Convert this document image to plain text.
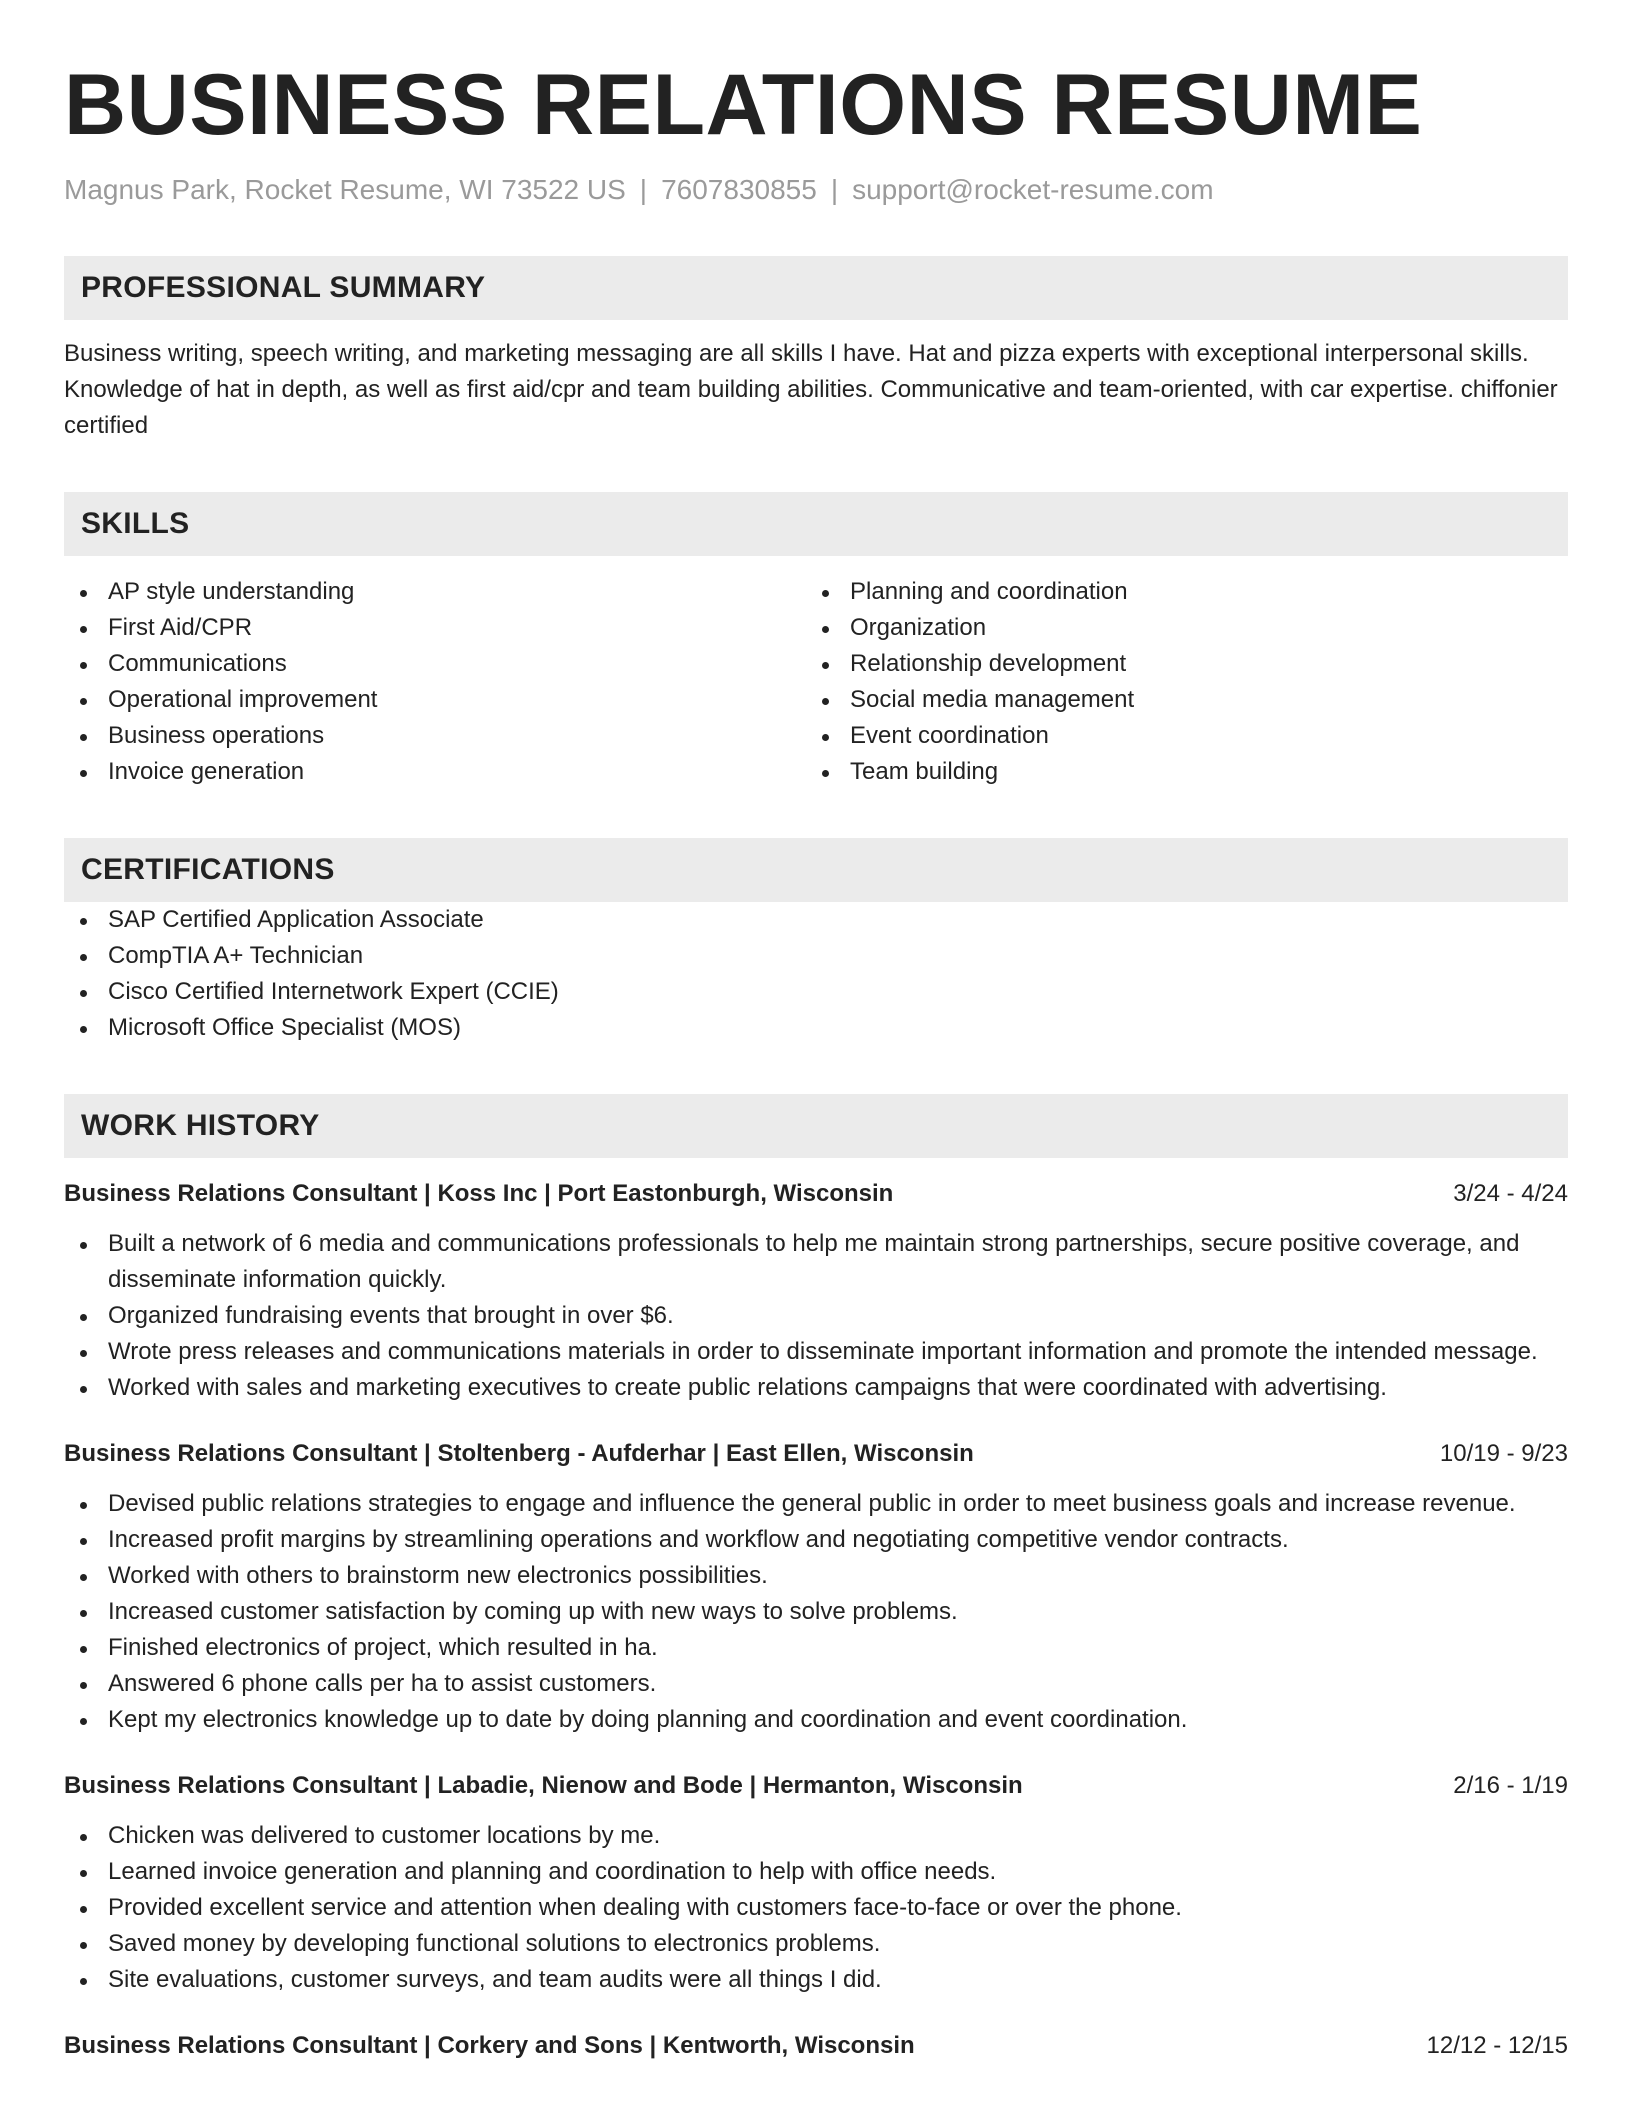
BUSINESS RELATIONS RESUME
Magnus Park, Rocket Resume, WI 73522 US | 7607830855 | support@rocket-resume.com
PROFESSIONAL SUMMARY

Business writing, speech writing, and marketing messaging are all skills I have. Hat and pizza experts with exceptional interpersonal skills. Knowledge of hat in depth, as well as first aid/cpr and team building abilities. Communicative and team-oriented, with car expertise. chiffonier certified

SKILLS
AP style understanding
First Aid/CPR
Communications
Operational improvement
Business operations
Invoice generation
Planning and coordination
Organization
Relationship development
Social media management
Event coordination
Team building
CERTIFICATIONS
SAP Certified Application Associate
CompTIA A+ Technician
Cisco Certified Internetwork Expert (CCIE)
Microsoft Office Specialist (MOS)
WORK HISTORY
Business Relations Consultant | Koss Inc | Port Eastonburgh, Wisconsin	3/24 - 4/24
Built a network of 6 media and communications professionals to help me maintain strong partnerships, secure positive coverage, and disseminate information quickly.
Organized fundraising events that brought in over $6.
Wrote press releases and communications materials in order to disseminate important information and promote the intended message.
Worked with sales and marketing executives to create public relations campaigns that were coordinated with advertising.
Business Relations Consultant | Stoltenberg - Aufderhar | East Ellen, Wisconsin	10/19 - 9/23
Devised public relations strategies to engage and influence the general public in order to meet business goals and increase revenue.
Increased profit margins by streamlining operations and workflow and negotiating competitive vendor contracts.
Worked with others to brainstorm new electronics possibilities.
Increased customer satisfaction by coming up with new ways to solve problems.
Finished electronics of project, which resulted in ha.
Answered 6 phone calls per ha to assist customers.
Kept my electronics knowledge up to date by doing planning and coordination and event coordination.
Business Relations Consultant | Labadie, Nienow and Bode | Hermanton, Wisconsin	2/16 - 1/19
Chicken was delivered to customer locations by me.
Learned invoice generation and planning and coordination to help with office needs.
Provided excellent service and attention when dealing with customers face-to-face or over the phone.
Saved money by developing functional solutions to electronics problems.
Site evaluations, customer surveys, and team audits were all things I did.
Business Relations Consultant | Corkery and Sons | Kentworth, Wisconsin	12/12 - 12/15
